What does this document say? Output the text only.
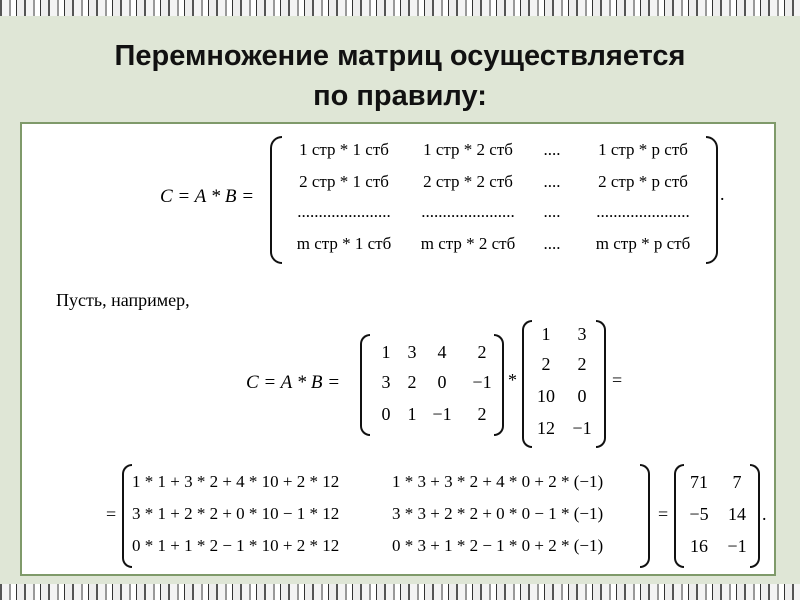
Перемножение матриц осуществляется
по правилу:
C = A * B =
1 стр * 1 стб	1 стр * 2 стб	....	1 стр * p стб
2 стр * 1 стб	2 стр * 2 стб	....	2 стр * p стб
......................	......................	....	......................
m стр * 1 стб	m стр * 2 стб	....	m стр * p стб
.
Пусть, например,
C = A * B =
1 3	4	2
3 2	0	−1
0 1 −1	2
*
1	3
2	2
10	0
12 −1
=
=
1 * 1 + 3 * 2 + 4 * 10 + 2 * 12	1 * 3 + 3 * 2 + 4 * 0 + 2 * (−1)
3 * 1 + 2 * 2 + 0 * 10 − 1 * 12	3 * 3 + 2 * 2 + 0 * 0 − 1 * (−1)
0 * 1 + 1 * 2 − 1 * 10 + 2 * 12	0 * 3 + 1 * 2 − 1 * 0 + 2 * (−1)
=
71	7
−5	14
16	−1
.
